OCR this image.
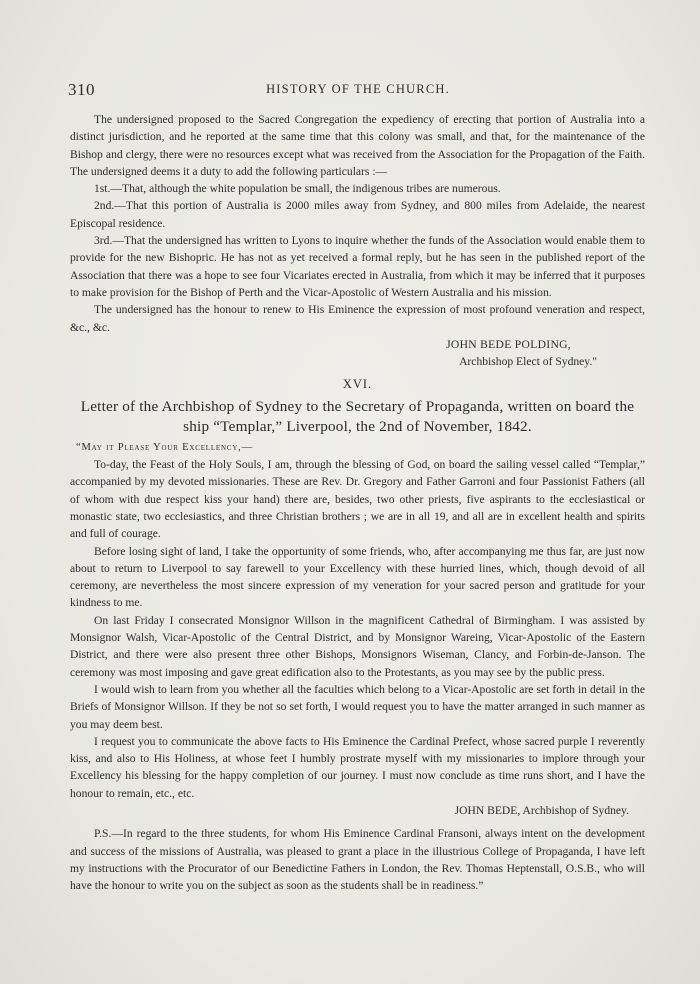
310	HISTORY OF THE CHURCH.

The undersigned proposed to the Sacred Congregation the expediency of erecting that portion of Australia into a distinct jurisdiction, and he reported at the same time that this colony was small, and that, for the maintenance of the Bishop and clergy, there were no resources except what was received from the Association for the Propagation of the Faith. The undersigned deems it a duty to add the following particulars :—

1st.—That, although the white population be small, the indigenous tribes are numerous.

2nd.—That this portion of Australia is 2000 miles away from Sydney, and 800 miles from Adelaide, the nearest Episcopal residence.

3rd.—That the undersigned has written to Lyons to inquire whether the funds of the Association would enable them to provide for the new Bishopric. He has not as yet received a formal reply, but he has seen in the published report of the Association that there was a hope to see four Vicariates erected in Australia, from which it may be inferred that it purposes to make provision for the Bishop of Perth and the Vicar-Apostolic of Western Australia and his mission.

The undersigned has the honour to renew to His Eminence the expression of most profound veneration and respect, &c., &c.

JOHN BEDE POLDING,

Archbishop Elect of Sydney."

XVI.

Letter of the Archbishop of Sydney to the Secretary of Propaganda, written on board the ship “Templar,” Liverpool, the 2nd of November, 1842.

“May it Please Your Excellency,—

To-day, the Feast of the Holy Souls, I am, through the blessing of God, on board the sailing vessel called “Templar,” accompanied by my devoted missionaries. These are Rev. Dr. Gregory and Father Garroni and four Passionist Fathers (all of whom with due respect kiss your hand) there are, besides, two other priests, five aspirants to the ecclesiastical or monastic state, two ecclesiastics, and three Christian brothers ; we are in all 19, and all are in excellent health and spirits and full of courage.

Before losing sight of land, I take the opportunity of some friends, who, after accompanying me thus far, are just now about to return to Liverpool to say farewell to your Excellency with these hurried lines, which, though devoid of all ceremony, are nevertheless the most sincere expression of my veneration for your sacred person and gratitude for your kindness to me.

On last Friday I consecrated Monsignor Willson in the magnificent Cathedral of Birmingham. I was assisted by Monsignor Walsh, Vicar-Apostolic of the Central District, and by Monsignor Wareing, Vicar-Apostolic of the Eastern District, and there were also present three other Bishops, Monsignors Wiseman, Clancy, and Forbin-de-Janson. The ceremony was most imposing and gave great edification also to the Protestants, as you may see by the public press.

I would wish to learn from you whether all the faculties which belong to a Vicar-Apostolic are set forth in detail in the Briefs of Monsignor Willson. If they be not so set forth, I would request you to have the matter arranged in such manner as you may deem best.

I request you to communicate the above facts to His Eminence the Cardinal Prefect, whose sacred purple I reverently kiss, and also to His Holiness, at whose feet I humbly prostrate myself with my missionaries to implore through your Excellency his blessing for the happy completion of our journey. I must now conclude as time runs short, and I have the honour to remain, etc., etc.

JOHN BEDE, Archbishop of Sydney.

P.S.—In regard to the three students, for whom His Eminence Cardinal Fransoni, always intent on the development and success of the missions of Australia, was pleased to grant a place in the illustrious College of Propaganda, I have left my instructions with the Procurator of our Benedictine Fathers in London, the Rev. Thomas Heptenstall, O.S.B., who will have the honour to write you on the subject as soon as the students shall be in readiness.”
